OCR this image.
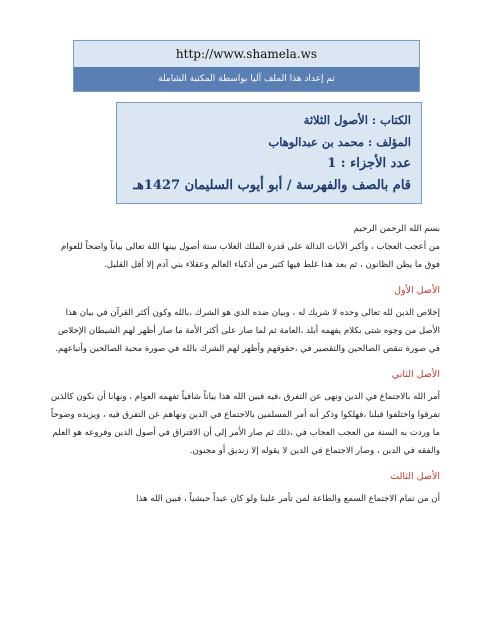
http://www.shamela.ws
تم إعداد هذا الملف آليا بواسطة المكتبة الشاملة
الكتاب : الأصول الثلاثة
المؤلف : محمد بن عبدالوهاب
عدد الأجزاء : 1
قام بالصف والفهرسة / أبو أيوب السليمان 1427هـ

بسم الله الرحمن الرحيم

من أعجب العجاب ، وأكبر الآيات الدالة على قدرة الملك الغلاب ستة أصول بينها الله تعالى بياناً واضحاً للعوام فوق ما يظن الظانون ، ثم بعد هذا غلط فيها كثير من أذكياء العالم وعقلاء بني آدم إلا أقل القليل.

الأصل الأول

إخلاص الدين لله تعالى وحده لا شريك له ، وبيان ضده الذي هو الشرك ،بالله وكون أكثر القرآن في بيان هذا الأصل من وجوه شتى بكلام يفهمه أبلد ،العامة ثم لما صار على أكثر الأمة ما صار أظهر لهم الشيطان الإخلاص في صورة تنقص الصالحين والتقصير في ،حقوقهم وأظهر لهم الشرك بالله في صورة محبة الصالحين وأتباعهم.

الأصل الثاني

أمر الله بالاجتماع في الدين ونهى عن التفرق ،فيه فبين الله هذا بياناً شافياً تفهمه العوام ، ونهانا أن نكون كالذين تفرقوا واختلفوا قبلنا ،فهلكوا وذكر أنه أمر المسلمين بالاجتماع في الدين ونهاهم عن التفرق فيه ، ويزيده وضوحاً ما وردت به السنة من العجب العجاب في ،ذلك ثم صار الأمر إلى أن الافتراق في أصول الدين وفروعه هو العلم والفقه في الدين ، وصار الاجتماع في الدين لا يقوله إلا زنديق أو مجنون.

الأصل الثالث

أن من تمام الاجتماع السمع والطاعة لمن تأمر علينا ولو كان عبداً حبشياً ، فبين الله هذا
